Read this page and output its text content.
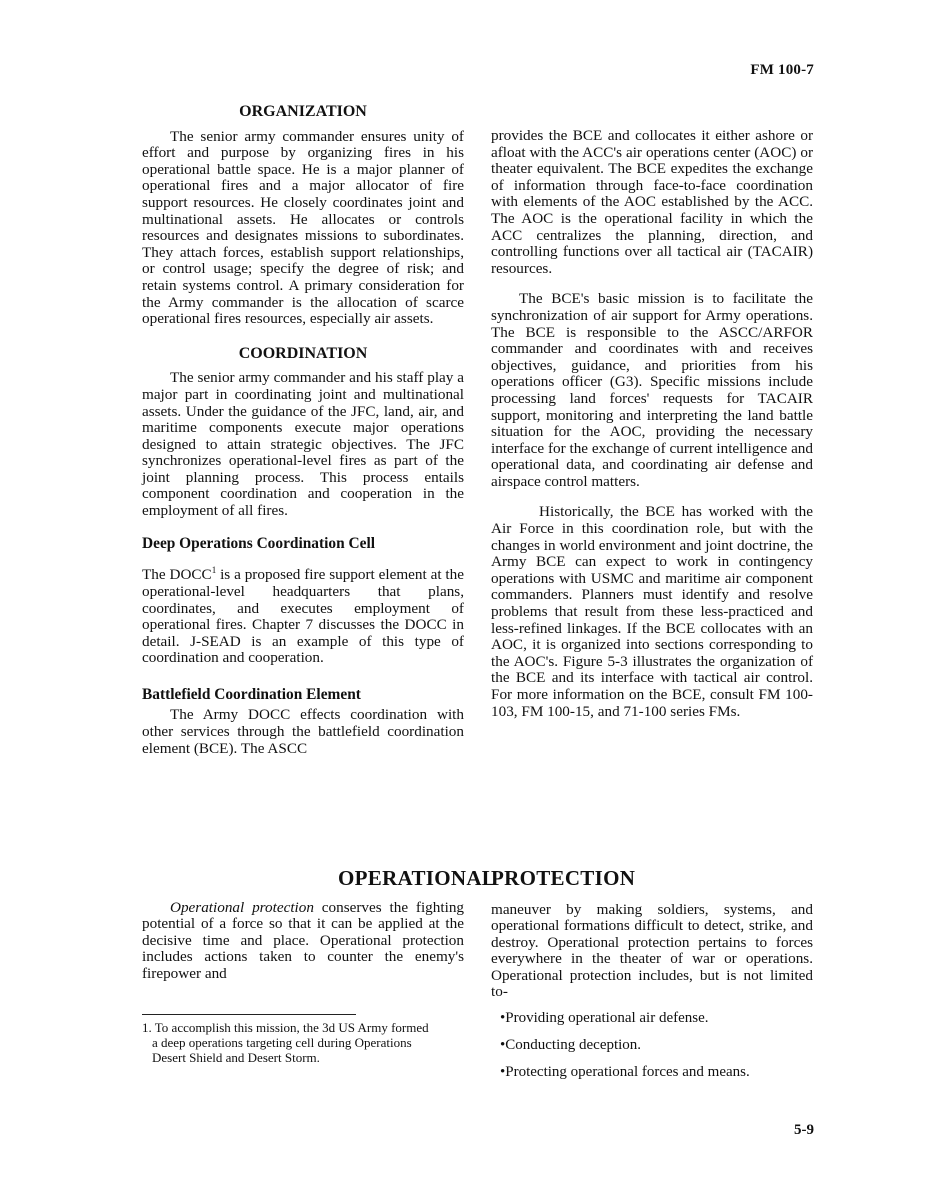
FM 100-7
ORGANIZATION

The senior army commander ensures unity of effort and purpose by organizing fires in his operational battle space. He is a major planner of operational fires and a major allocator of fire support resources. He closely coordinates joint and multinational assets. He allocates or controls resources and designates missions to subordinates. They attach forces, establish support relationships, or control usage; specify the degree of risk; and retain systems control. A primary consideration for the Army commander is the allocation of scarce operational fires resources, especially air assets.

COORDINATION

The senior army commander and his staff play a major part in coordinating joint and multinational assets. Under the guidance of the JFC, land, air, and maritime components execute major operations designed to attain strategic objectives. The JFC synchronizes operational-level fires as part of the joint planning process. This process entails component coordination and cooperation in the employment of all fires.

Deep Operations Coordination Cell

The DOCC$^1$ is a proposed fire support element at the operational-level headquarters that plans, coordinates, and executes employment of operational fires. Chapter 7 discusses the DOCC in detail. J-SEAD is an example of this type of coordination and cooperation.

Battlefield Coordination Element

The Army DOCC effects coordination with other services through the battlefield coordination element (BCE). The ASCC

provides the BCE and collocates it either ashore or afloat with the ACC's air operations center (AOC) or theater equivalent. The BCE expedites the exchange of information through face-to-face coordination with elements of the AOC established by the ACC. The AOC is the operational facility in which the ACC centralizes the planning, direction, and controlling functions over all tactical air (TACAIR) resources.

The BCE's basic mission is to facilitate the synchronization of air support for Army operations. The BCE is responsible to the ASCC/ARFOR commander and coordinates with and receives objectives, guidance, and priorities from his operations officer (G3). Specific missions include processing land forces' requests for TACAIR support, monitoring and interpreting the land battle situation for the AOC, providing the necessary interface for the exchange of current intelligence and operational data, and coordinating air defense and airspace control matters.

Historically, the BCE has worked with the Air Force in this coordination role, but with the changes in world environment and joint doctrine, the Army BCE can expect to work in contingency operations with USMC and maritime air component commanders. Planners must identify and resolve problems that result from these less-practiced and less-refined linkages. If the BCE collocates with an AOC, it is organized into sections corresponding to the AOC's. Figure 5-3 illustrates the organization of the BCE and its interface with tactical air control. For more information on the BCE, consult FM 100-103, FM 100-15, and 71-100 series FMs.

OPERATIONAL
PROTECTION

Operational protection conserves the fighting potential of a force so that it can be applied at the decisive time and place. Operational protection includes actions taken to counter the enemy's firepower and

maneuver by making soldiers, systems, and operational formations difficult to detect, strike, and destroy. Operational protection pertains to forces everywhere in the theater of war or operations. Operational protection includes, but is not limited to-

1. To accomplish this mission, the 3d US Army formed
a deep operations targeting cell during Operations
Desert Shield and Desert Storm.
•Providing operational air defense.
•Conducting deception.
•Protecting operational forces and means.
5-9
